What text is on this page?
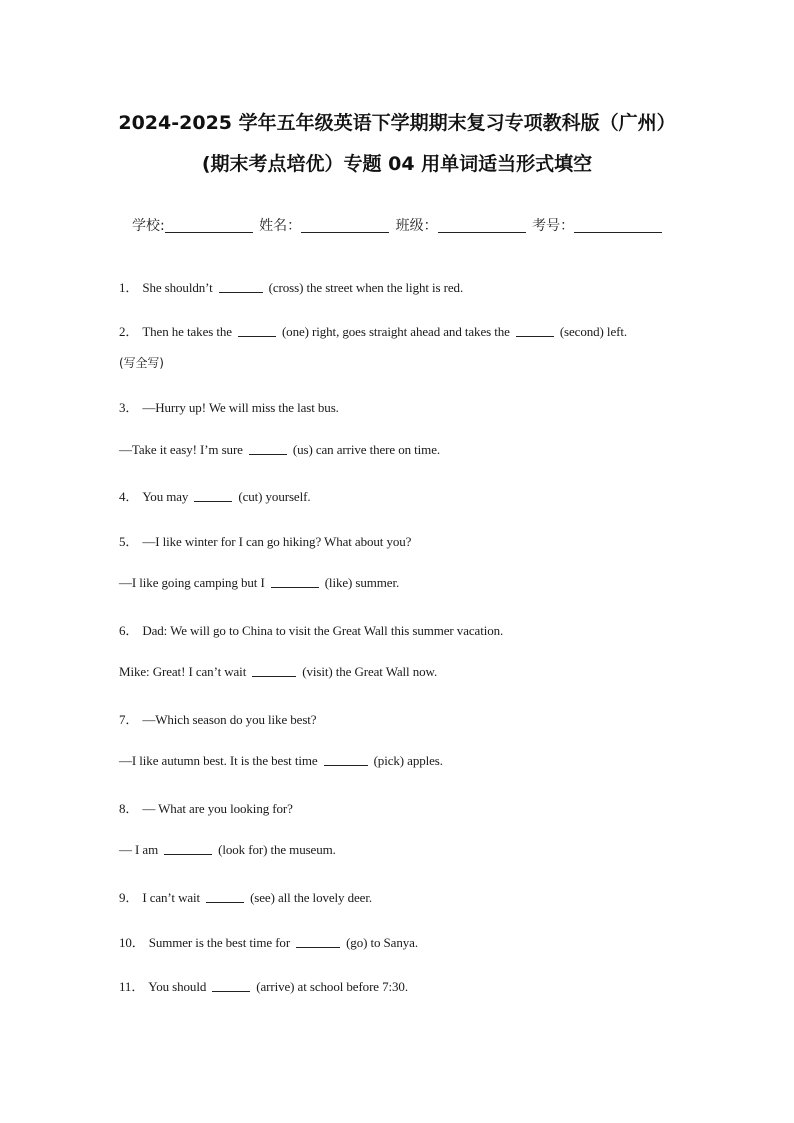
2024-2025 学年五年级英语下学期期末复习专项教科版（广州）
(期末考点培优）专题 04 用单词适当形式填空
学校:	姓名：	班级：	考号：
1． She shouldn’t	(cross) the street when the light is red.
2． Then he takes the	(one) right, goes straight ahead and takes the	(second) left.
(写全写)
3． —Hurry up! We will miss the last bus.
—Take it easy! I’m sure	(us) can arrive there on time.
4． You may	(cut) yourself.
5． —I like winter for I can go hiking? What about you?
—I like going camping but I	(like) summer.
6． Dad: We will go to China to visit the Great Wall this summer vacation.
Mike: Great! I can’t wait	(visit) the Great Wall now.
7． —Which season do you like best?
—I like autumn best. It is the best time	(pick) apples.
8． — What are you looking for?
— I am	(look for) the museum.
9． I can’t wait	(see) all the lovely deer.
10． Summer is the best time for	(go) to Sanya.
11． You should	(arrive) at school before 7:30.
